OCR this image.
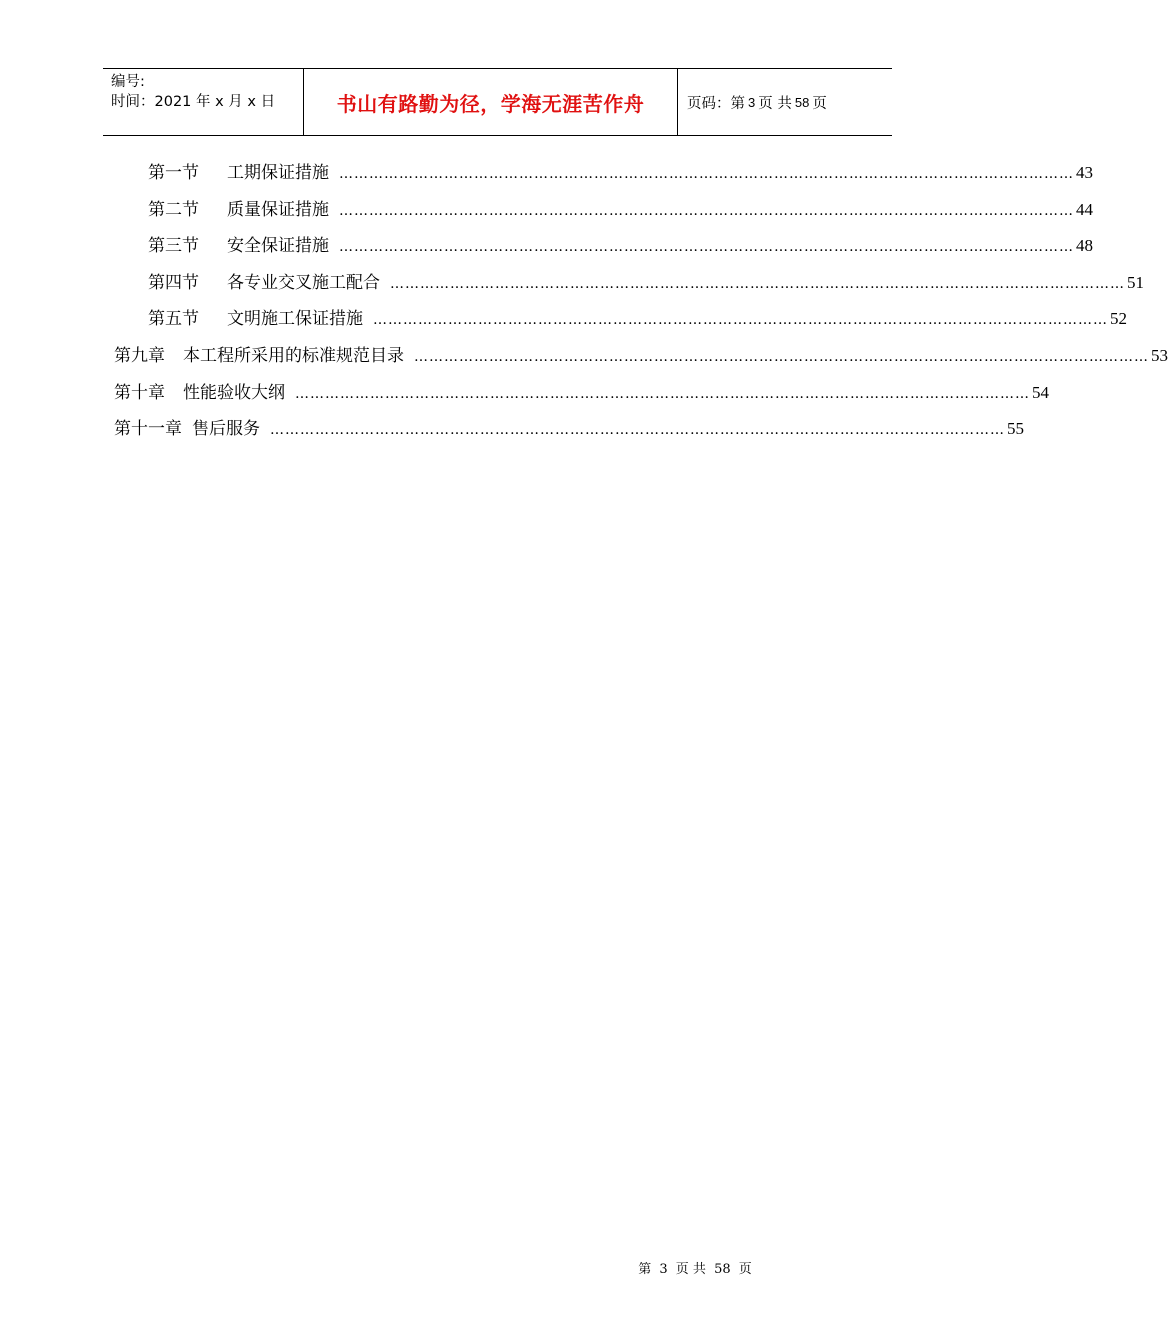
编号:
时间：2021 年 x 月 x 日	书山有路勤为径，学海无涯苦作舟	页码：第 3 页 共 58 页
第一节 工期保证措施 ………………………………………………………………………………………………………………………………… 43
第二节 质量保证措施 ………………………………………………………………………………………………………………………………… 44
第三节 安全保证措施 ………………………………………………………………………………………………………………………………… 48
第四节 各专业交叉施工配合 ………………………………………………………………………………………………………………………………… 51
第五节 文明施工保证措施 ………………………………………………………………………………………………………………………………… 52
第九章 本工程所采用的标准规范目录 ………………………………………………………………………………………………………………………………… 53
第十章 性能验收大纲 ………………………………………………………………………………………………………………………………… 54
第十一章 售后服务 ………………………………………………………………………………………………………………………………… 55
第 3 页 共 58 页
